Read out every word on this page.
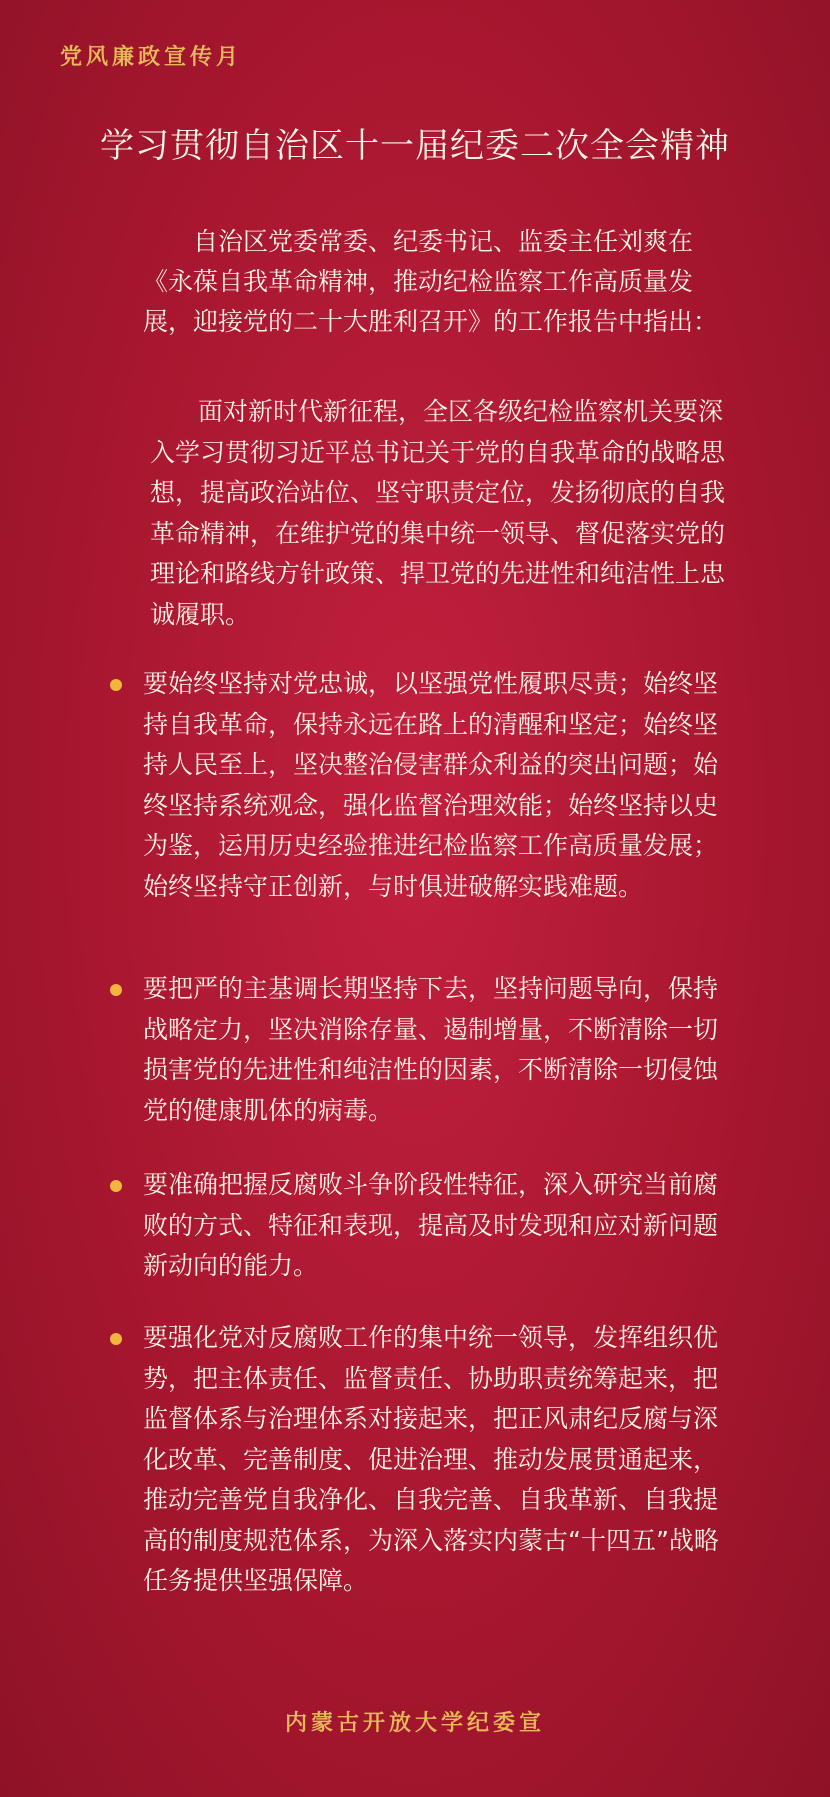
党风廉政宣传月
学习贯彻自治区十一届纪委二次全会精神
自治区党委常委、纪委书记、监委主任刘爽在《永葆自我革命精神，推动纪检监察工作高质量发展，迎接党的二十大胜利召开》的工作报告中指出：
面对新时代新征程，全区各级纪检监察机关要深入学习贯彻习近平总书记关于党的自我革命的战略思想，提高政治站位、坚守职责定位，发扬彻底的自我革命精神，在维护党的集中统一领导、督促落实党的理论和路线方针政策、捍卫党的先进性和纯洁性上忠诚履职。
要始终坚持对党忠诚，以坚强党性履职尽责；始终坚持自我革命，保持永远在路上的清醒和坚定；始终坚持人民至上，坚决整治侵害群众利益的突出问题；始终坚持系统观念，强化监督治理效能；始终坚持以史为鉴，运用历史经验推进纪检监察工作高质量发展；始终坚持守正创新，与时俱进破解实践难题。
要把严的主基调长期坚持下去，坚持问题导向，保持战略定力，坚决消除存量、遏制增量，不断清除一切损害党的先进性和纯洁性的因素，不断清除一切侵蚀党的健康肌体的病毒。
要准确把握反腐败斗争阶段性特征，深入研究当前腐败的方式、特征和表现，提高及时发现和应对新问题新动向的能力。
要强化党对反腐败工作的集中统一领导，发挥组织优势，把主体责任、监督责任、协助职责统筹起来，把监督体系与治理体系对接起来，把正风肃纪反腐与深化改革、完善制度、促进治理、推动发展贯通起来，推动完善党自我净化、自我完善、自我革新、自我提高的制度规范体系，为深入落实内蒙古“十四五”战略任务提供坚强保障。
内蒙古开放大学纪委宣
